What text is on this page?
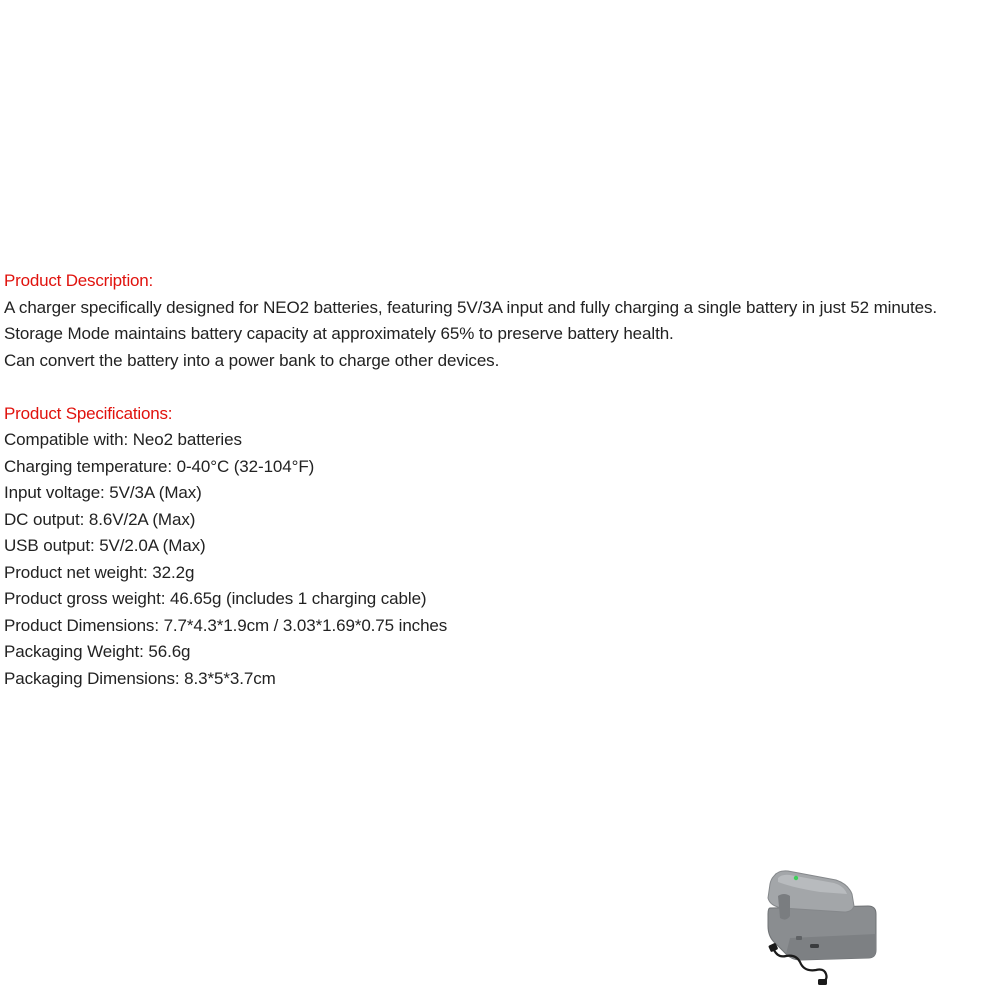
Product Description:
A charger specifically designed for NEO2 batteries, featuring 5V/3A input and fully charging a single battery in just 52 minutes.
Storage Mode maintains battery capacity at approximately 65% to preserve battery health.
Can convert the battery into a power bank to charge other devices.
Product Specifications:
Compatible with: Neo2 batteries
Charging temperature: 0-40°C (32-104°F)
Input voltage: 5V/3A (Max)
DC output: 8.6V/2A (Max)
USB output: 5V/2.0A (Max)
Product net weight: 32.2g
Product gross weight: 46.65g (includes 1 charging cable)
Product Dimensions: 7.7*4.3*1.9cm / 3.03*1.69*0.75 inches
Packaging Weight: 56.6g
Packaging Dimensions: 8.3*5*3.7cm
